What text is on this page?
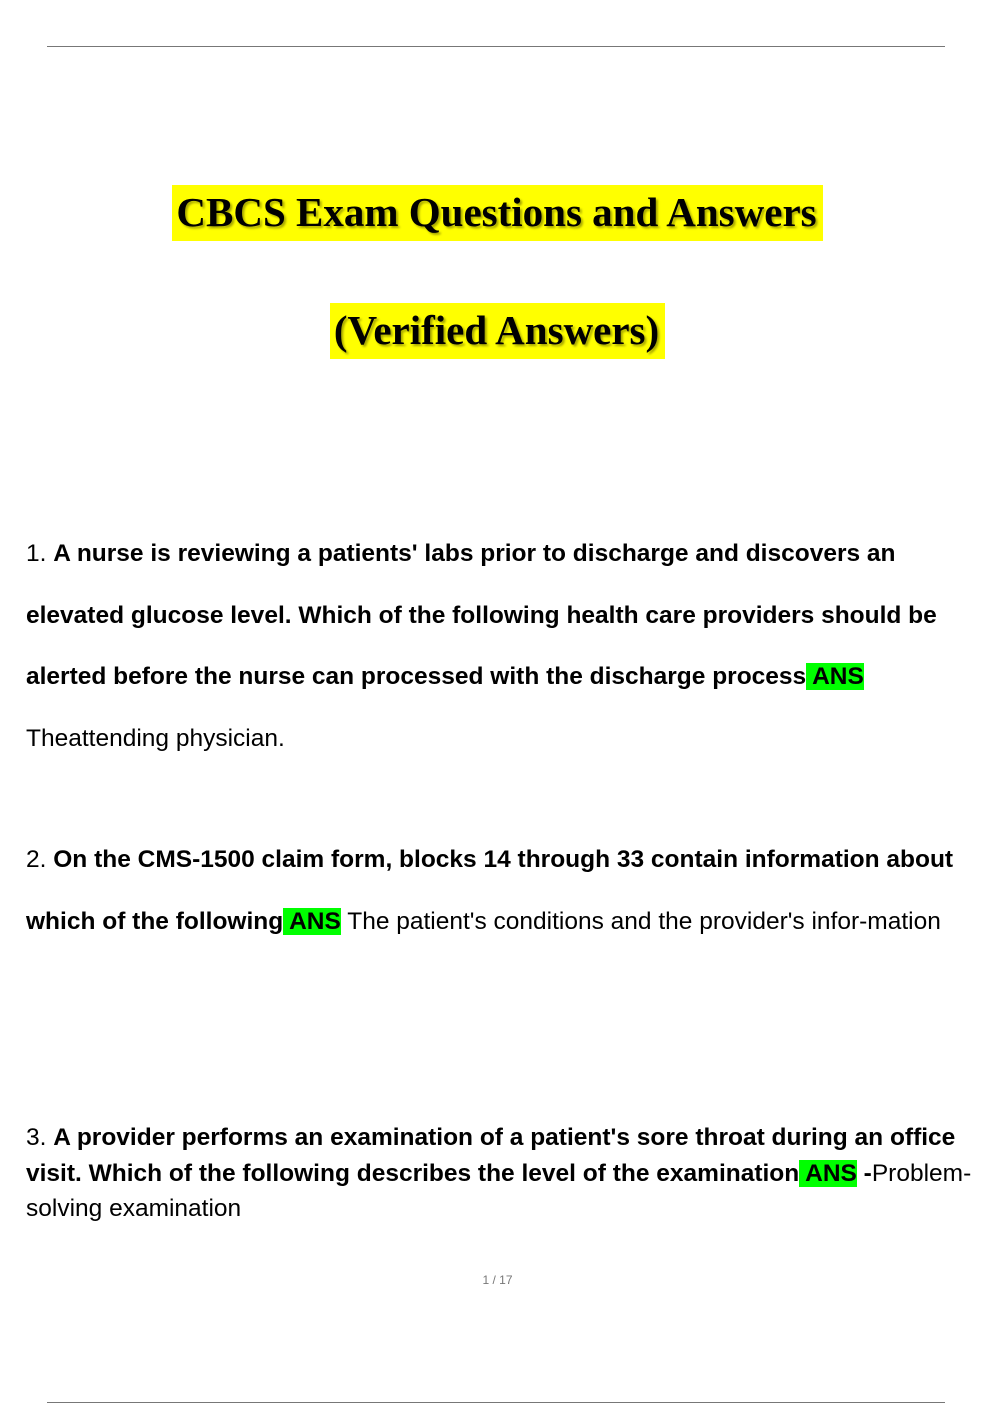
CBCS Exam Questions and Answers
(Verified Answers)

1. A nurse is reviewing a patients' labs prior to discharge and discovers an elevated glucose level. Which of the following health care providers should be alerted before the nurse can processed with the discharge process ANS Theattending physician.

2. On the CMS-1500 claim form, blocks 14 through 33 contain information about which of the following ANS The patient's conditions and the provider's infor-mation

3. A provider performs an examination of a patient's sore throat during an office visit. Which of the following describes the level of the examination ANS -Problem-solving examination

1 / 17
